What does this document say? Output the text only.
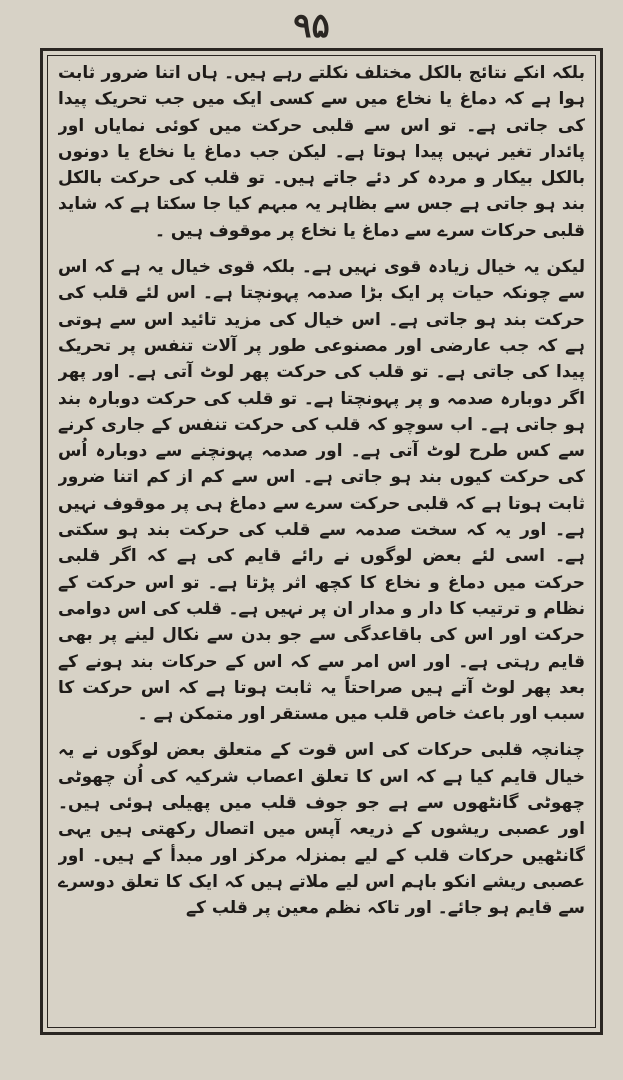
۹۵

بلکہ انکے نتائج بالکل مختلف نکلتے رہے ہیں۔ ہاں اتنا ضرور ثابت ہوا ہے کہ دماغ یا نخاع میں سے کسی ایک میں جب تحریک پیدا کی جاتی ہے۔ تو اس سے قلبی حرکت میں کوئی نمایاں اور پائدار تغیر نہیں پیدا ہوتا ہے۔ لیکن جب دماغ یا نخاع یا دونوں بالکل بیکار و مردہ کر دئے جاتے ہیں۔ تو قلب کی حرکت بالکل بند ہو جاتی ہے جس سے بظاہر یہ مبہم کیا جا سکتا ہے کہ شاید قلبی حرکات سرے سے دماغ یا نخاع پر موقوف ہیں ۔

لیکن یہ خیال زیادہ قوی نہیں ہے۔ بلکہ قوی خیال یہ ہے کہ اس سے چونکہ حیات پر ایک بڑا صدمہ پہونچتا ہے۔ اس لئے قلب کی حرکت بند ہو جاتی ہے۔ اس خیال کی مزید تائید اس سے ہوتی ہے کہ جب عارضی اور مصنوعی طور پر آلات تنفس پر تحریک پیدا کی جاتی ہے۔ تو قلب کی حرکت پھر لوٹ آتی ہے۔ اور پھر اگر دوبارہ صدمہ و پر پہونچتا ہے۔ تو قلب کی حرکت دوبارہ بند ہو جاتی ہے۔ اب سوچو کہ قلب کی حرکت تنفس کے جاری کرنے سے کس طرح لوٹ آتی ہے۔ اور صدمہ پہونچنے سے دوبارہ اُس کی حرکت کیوں بند ہو جاتی ہے۔ اس سے کم از کم اتنا ضرور ثابت ہوتا ہے کہ قلبی حرکت سرے سے دماغ ہی پر موقوف نہیں ہے۔ اور یہ کہ سخت صدمہ سے قلب کی حرکت بند ہو سکتی ہے۔ اسی لئے بعض لوگوں نے رائے قایم کی ہے کہ اگر قلبی حرکت میں دماغ و نخاع کا کچھ اثر پڑتا ہے۔ تو اس حرکت کے نظام و ترتیب کا دار و مدار ان پر نہیں ہے۔ قلب کی اس دوامی حرکت اور اس کی باقاعدگی سے جو بدن سے نکال لینے پر بھی قایم رہتی ہے۔ اور اس امر سے کہ اس کے حرکات بند ہونے کے بعد پھر لوٹ آتے ہیں صراحتاً یہ ثابت ہوتا ہے کہ اس حرکت کا سبب اور باعث خاص قلب میں مستقر اور متمکن ہے ۔

چنانچہ قلبی حرکات کی اس قوت کے متعلق بعض لوگوں نے یہ خیال قایم کیا ہے کہ اس کا تعلق اعصاب شرکیہ کی اُن چھوٹی چھوٹی گانٹھوں سے ہے جو جوف قلب میں پھیلی ہوئی ہیں۔ اور عصبی ریشوں کے ذریعہ آپس میں اتصال رکھتی ہیں یہی گانٹھیں حرکات قلب کے لیے بمنزلہ مرکز اور مبدأ کے ہیں۔ اور عصبی ریشے انکو باہم اس لیے ملاتے ہیں کہ ایک کا تعلق دوسرے سے قایم ہو جائے۔ اور تاکہ نظم معین پر قلب کے
